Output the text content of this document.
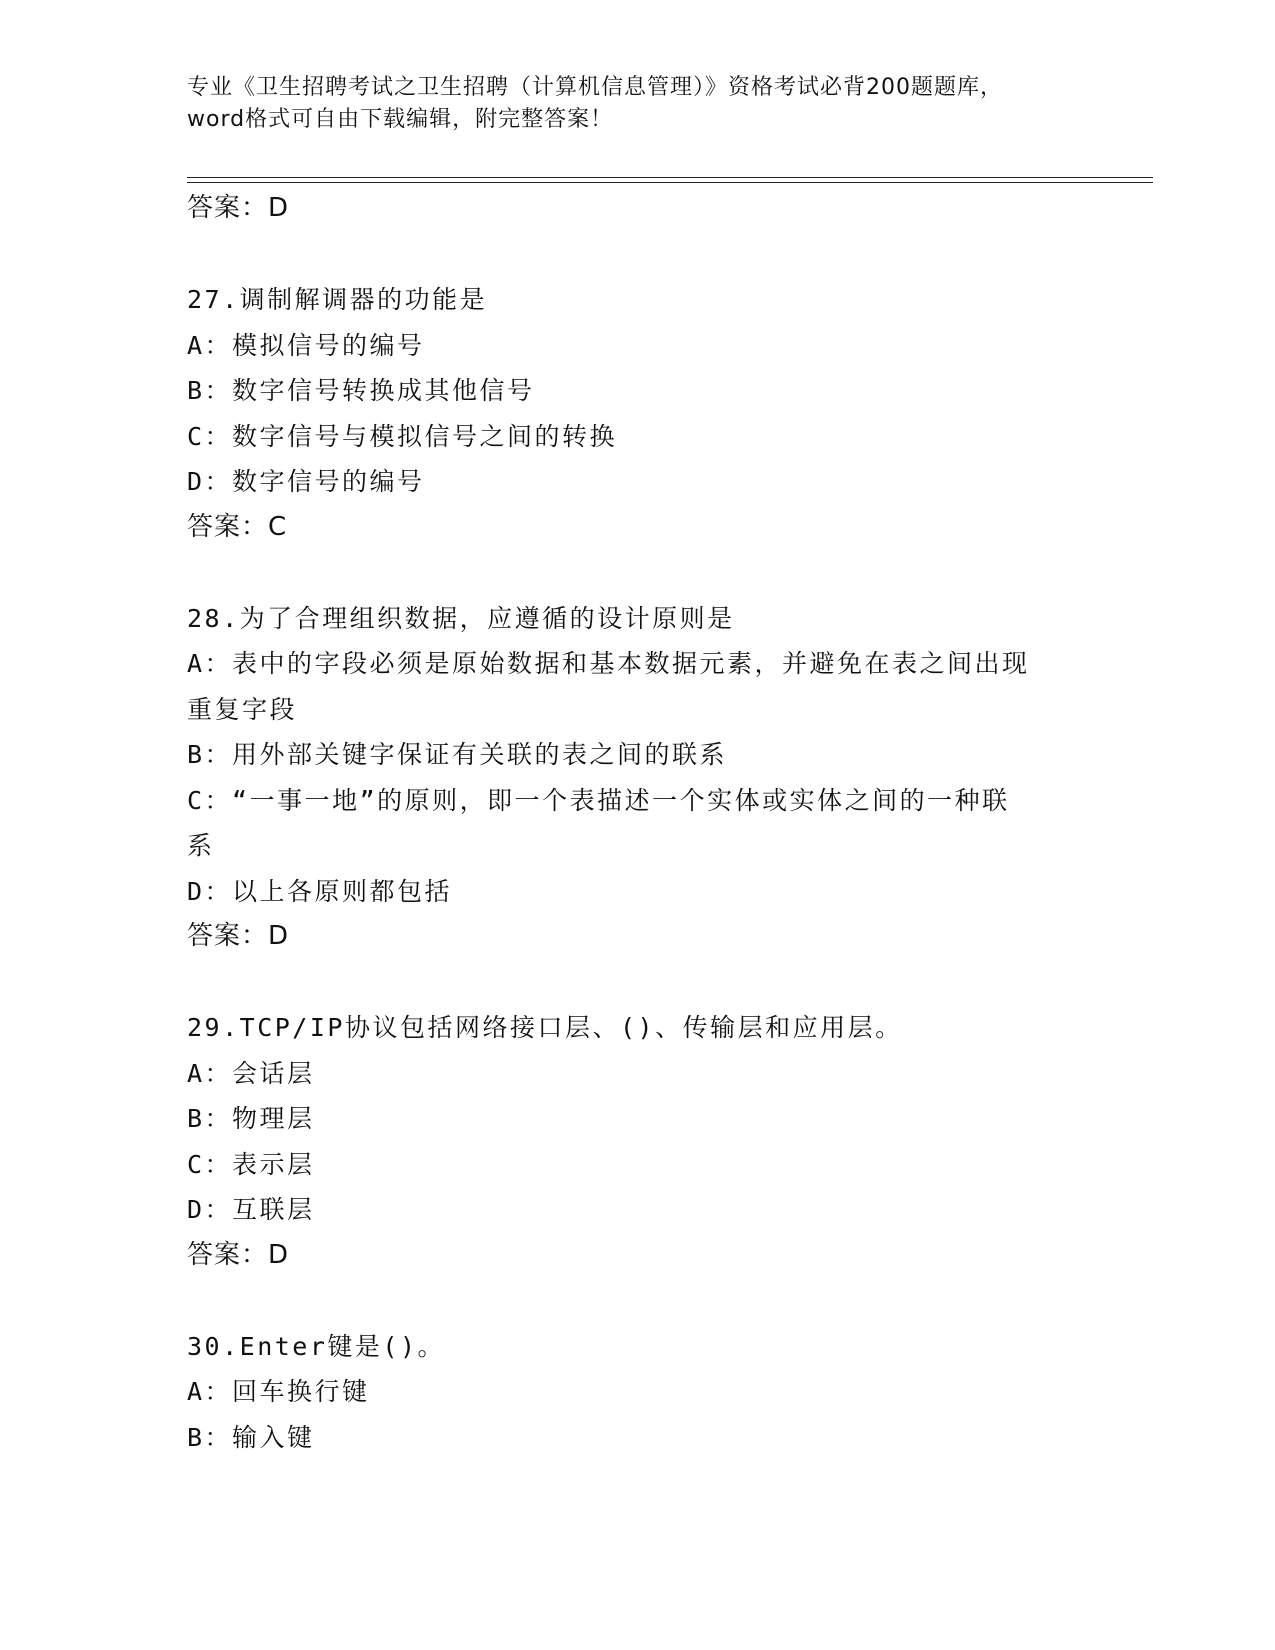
专业《卫生招聘考试之卫生招聘（计算机信息管理）》资格考试必背200题题库，
word格式可自由下载编辑，附完整答案！
答案：D
27.调制解调器的功能是
A：模拟信号的编号
B：数字信号转换成其他信号
C：数字信号与模拟信号之间的转换
D：数字信号的编号
答案：C
28.为了合理组织数据，应遵循的设计原则是
A：表中的字段必须是原始数据和基本数据元素，并避免在表之间出现
重复字段
B：用外部关键字保证有关联的表之间的联系
C：“一事一地”的原则，即一个表描述一个实体或实体之间的一种联
系
D：以上各原则都包括
答案：D
29.TCP/IP协议包括网络接口层、()、传输层和应用层。
A：会话层
B：物理层
C：表示层
D：互联层
答案：D
30.Enter键是()。
A：回车换行键
B：输入键
